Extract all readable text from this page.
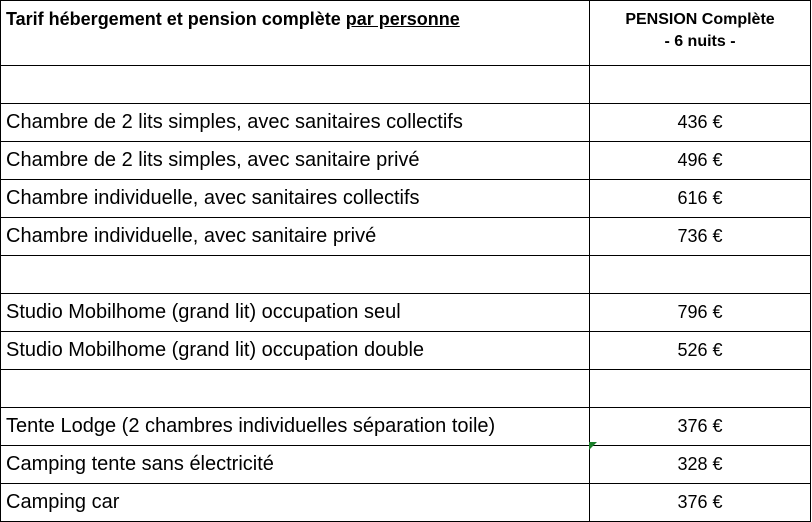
Tarif hébergement et pension complète par personne	PENSION Complète
- 6 nuits -

Chambre de 2 lits simples, avec sanitaires collectifs	436 €
Chambre de 2 lits simples, avec sanitaire privé	496 €
Chambre individuelle, avec sanitaires collectifs	616 €
Chambre individuelle, avec sanitaire privé	736 €

Studio Mobilhome (grand lit) occupation seul	796 €
Studio Mobilhome (grand lit) occupation double	526 €

Tente Lodge (2 chambres individuelles séparation toile)	376 €
Camping tente sans électricité	328 €
Camping car	376 €
